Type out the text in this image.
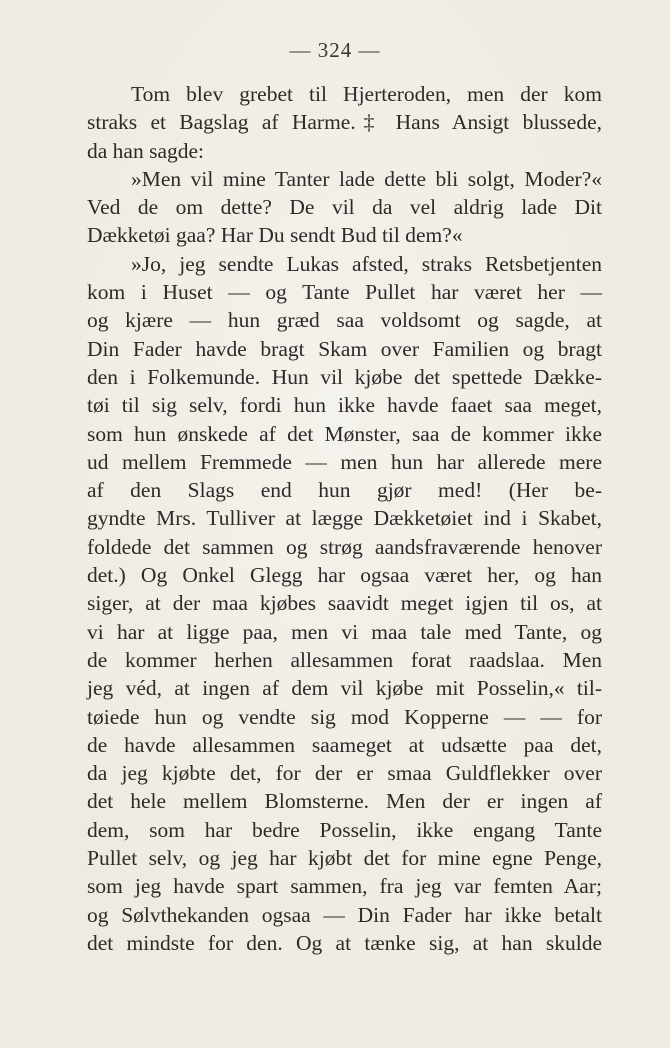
— 324 —
Tom blev grebet til Hjerteroden, men der kom
straks et Bagslag af Harme.‡ Hans Ansigt blussede,
da han sagde:
»Men vil mine Tanter lade dette bli solgt, Moder?«
Ved de om dette? De vil da vel aldrig lade Dit
Dækketøi gaa? Har Du sendt Bud til dem?«
»Jo, jeg sendte Lukas afsted, straks Retsbetjenten
kom i Huset — og Tante Pullet har været her —
og kjære — hun græd saa voldsomt og sagde, at
Din Fader havde bragt Skam over Familien og bragt
den i Folkemunde. Hun vil kjøbe det spettede Dække-
tøi til sig selv, fordi hun ikke havde faaet saa meget,
som hun ønskede af det Mønster, saa de kommer ikke
ud mellem Fremmede — men hun har allerede mere
af den Slags end hun gjør med! (Her be-
gyndte Mrs. Tulliver at lægge Dækketøiet ind i Skabet,
foldede det sammen og strøg aandsfraværende henover
det.) Og Onkel Glegg har ogsaa været her, og han
siger, at der maa kjøbes saavidt meget igjen til os, at
vi har at ligge paa, men vi maa tale med Tante, og
de kommer herhen allesammen forat raadslaa. Men
jeg véd, at ingen af dem vil kjøbe mit Posselin,« til-
tøiede hun og vendte sig mod Kopperne — — for
de havde allesammen saameget at udsætte paa det,
da jeg kjøbte det, for der er smaa Guldflekker over
det hele mellem Blomsterne. Men der er ingen af
dem, som har bedre Posselin, ikke engang Tante
Pullet selv, og jeg har kjøbt det for mine egne Penge,
som jeg havde spart sammen, fra jeg var femten Aar;
og Sølvthekanden ogsaa — Din Fader har ikke betalt
det mindste for den. Og at tænke sig, at han skulde
